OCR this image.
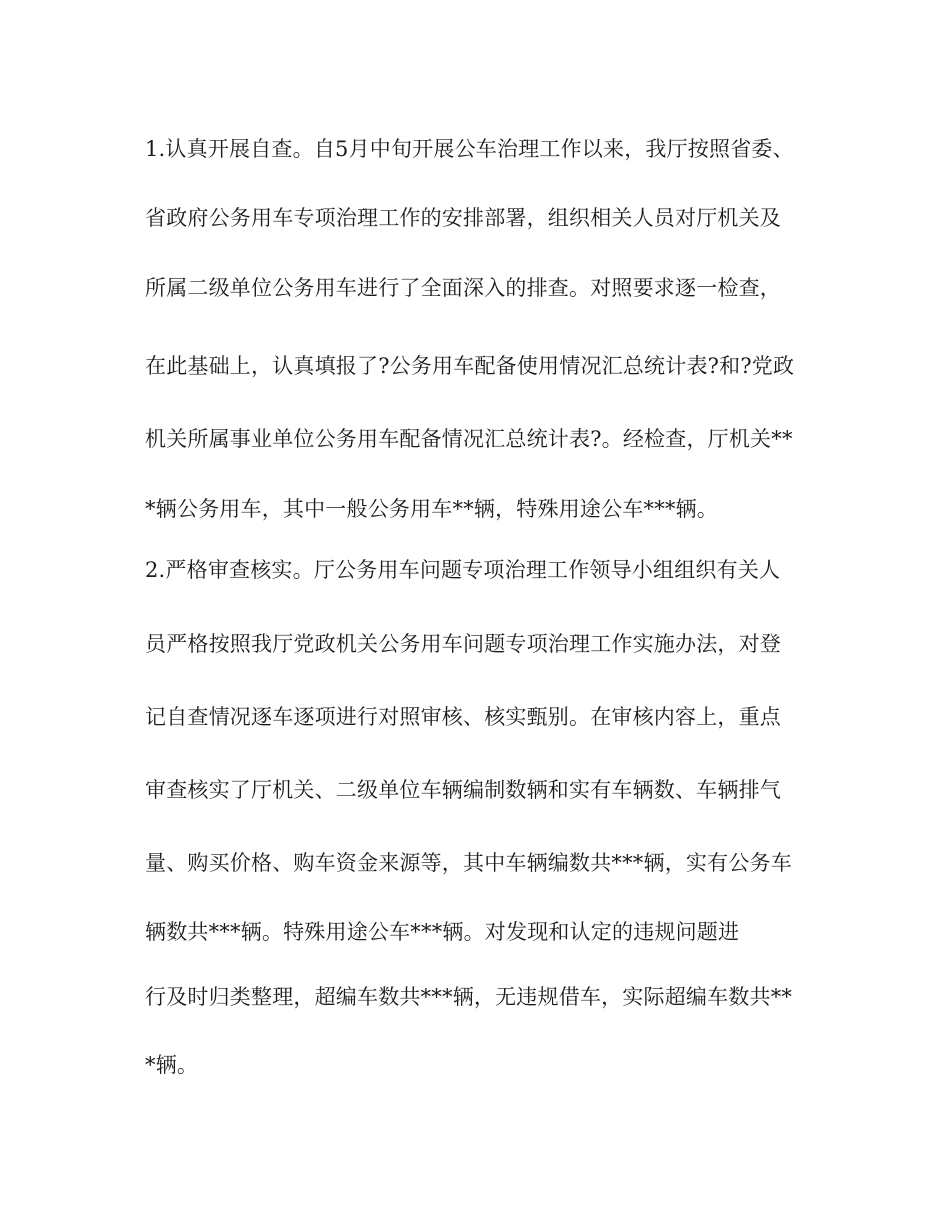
1.认真开展自查。自5月中旬开展公车治理工作以来，我厅按照省委、
省政府公务用车专项治理工作的安排部署，组织相关人员对厅机关及
所属二级单位公务用车进行了全面深入的排查。对照要求逐一检查，
在此基础上，认真填报了?公务用车配备使用情况汇总统计表?和?党政
机关所属事业单位公务用车配备情况汇总统计表?。经检查，厅机关**
*辆公务用车，其中一般公务用车**辆，特殊用途公车***辆。
2.严格审查核实。厅公务用车问题专项治理工作领导小组组织有关人
员严格按照我厅党政机关公务用车问题专项治理工作实施办法，对登
记自查情况逐车逐项进行对照审核、核实甄别。在审核内容上，重点
审查核实了厅机关、二级单位车辆编制数辆和实有车辆数、车辆排气
量、购买价格、购车资金来源等，其中车辆编数共***辆，实有公务车
辆数共***辆。特殊用途公车***辆。对发现和认定的违规问题进
行及时归类整理，超编车数共***辆，无违规借车，实际超编车数共**
*辆。
